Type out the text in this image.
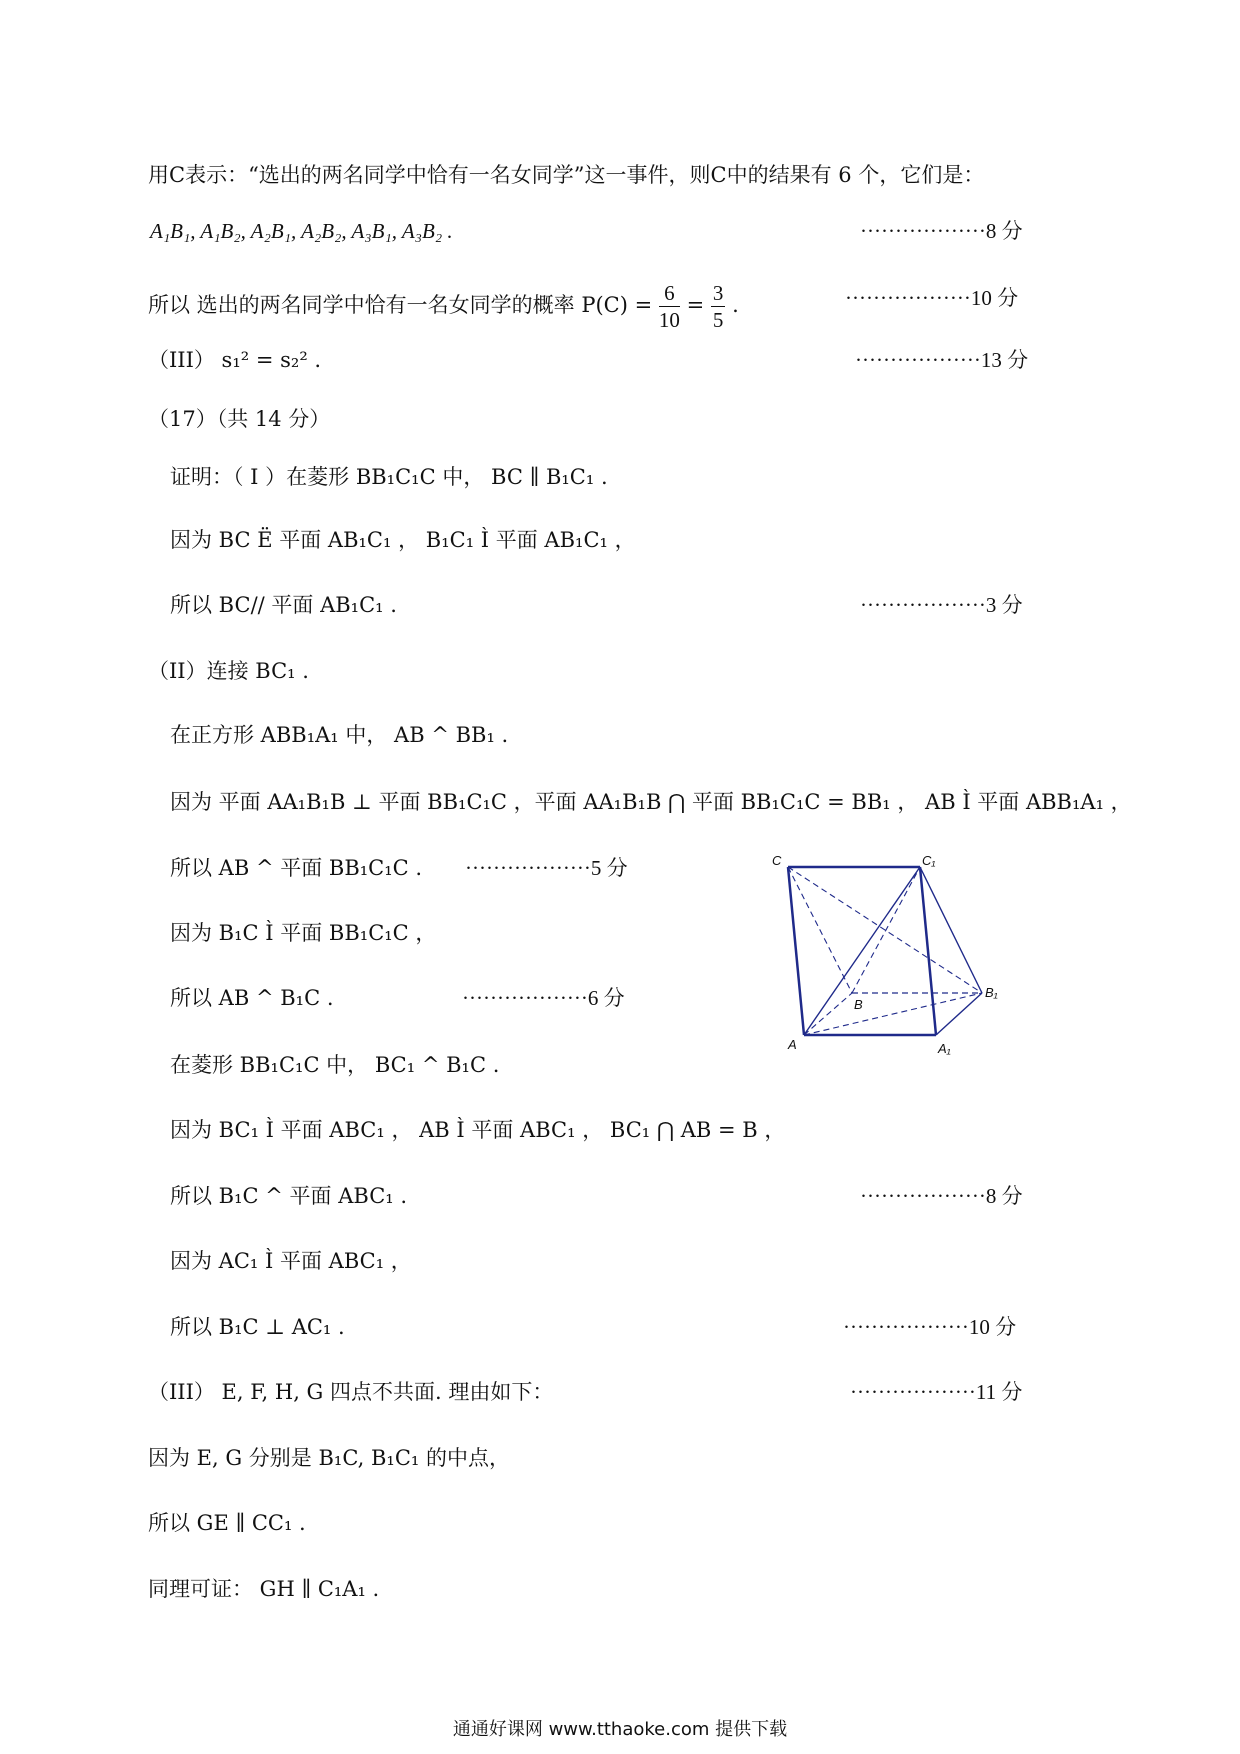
用C表示：“选出的两名同学中恰有一名女同学”这一事件，则C中的结果有 6 个，它们是：
A₁B₁, A₁B₂, A₂B₁, A₂B₂, A₃B₁, A₃B₂ .
所以 选出的两名同学中恰有一名女同学的概率 $P(C) = \frac{6}{10} = \frac{3}{5}$ .
（III） s₁² = s₂² .
（17）（共 14 分）
证明：（ I ）在菱形 BB₁C₁C 中， BC ∥ B₁C₁ .
因为 BC Ë 平面 AB₁C₁ ， B₁C₁ Ì 平面 AB₁C₁ ，
所以 BC// 平面 AB₁C₁ .
（II）连接 BC₁ .
在正方形 ABB₁A₁ 中， AB ^ BB₁ .
因为 平面 AA₁B₁B ⊥ 平面 BB₁C₁C ，平面 AA₁B₁B ⋂ 平面 BB₁C₁C = BB₁ ， AB Ì 平面 ABB₁A₁ ，
所以 AB ^ 平面 BB₁C₁C .
因为 B₁C Ì 平面 BB₁C₁C ，
所以 AB ^ B₁C .
在菱形 BB₁C₁C 中， BC₁ ^ B₁C .
因为 BC₁ Ì 平面 ABC₁ ， AB Ì 平面 ABC₁ ， BC₁ ⋂ AB = B ，
所以 B₁C ^ 平面 ABC₁ .
因为 AC₁ Ì 平面 ABC₁ ，
所以 B₁C ⊥ AC₁ .
（III） E, F, H, G 四点不共面. 理由如下：
因为 E, G 分别是 B₁C, B₁C₁ 的中点，
所以 GE ∥ CC₁ .
同理可证： GH ∥ C₁A₁ .
··················8 分
··················10 分
··················13 分
··················3 分
··················5 分
··················6 分
··················8 分
··················10 分
··················11 分
C	C₁
B
B₁
A	A₁
通通好课网 www.tthaoke.com 提供下载
